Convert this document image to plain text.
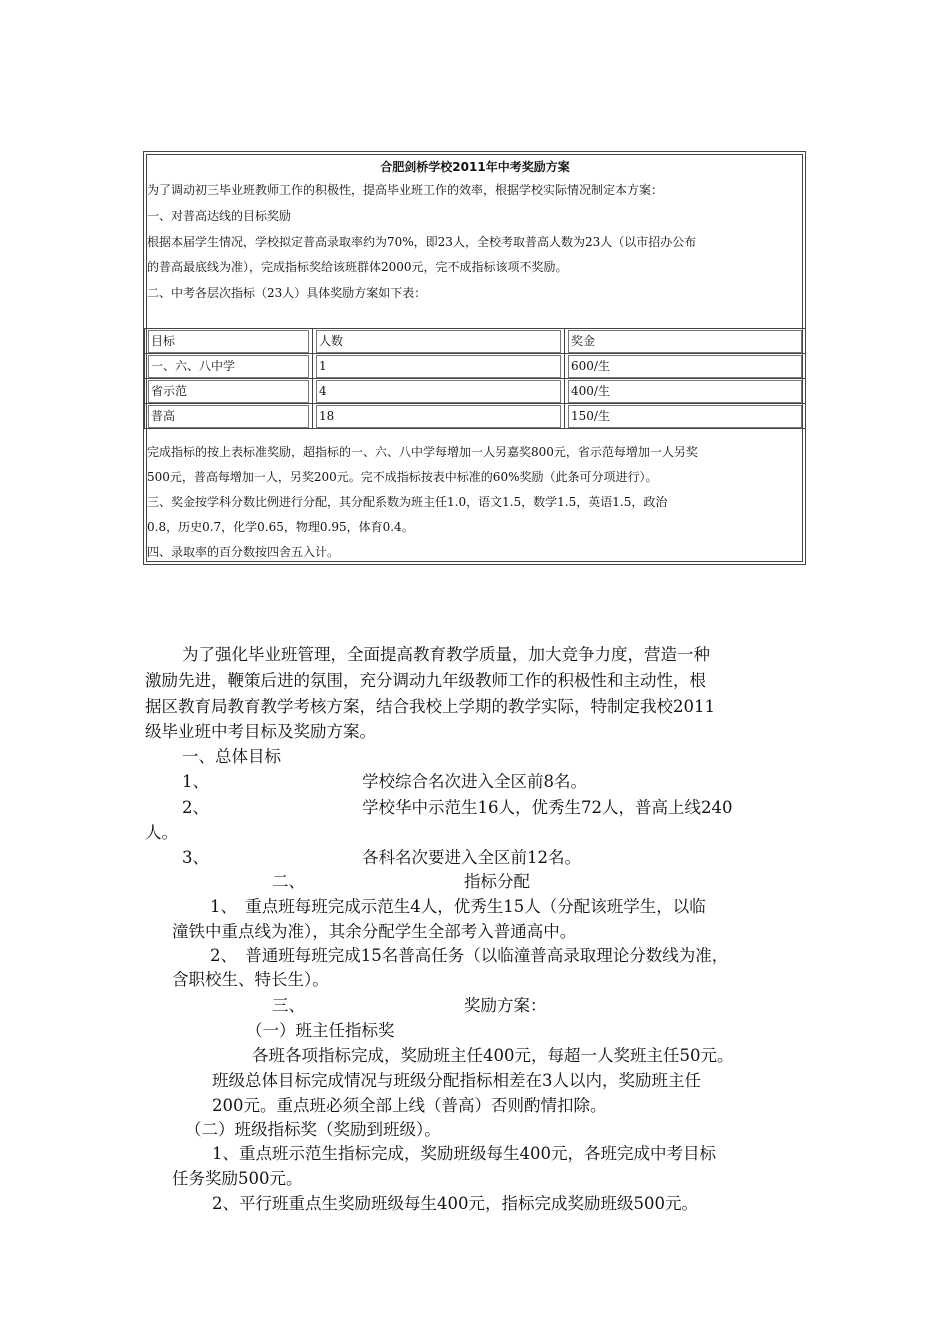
合肥剑桥学校2011年中考奖励方案
为了调动初三毕业班教师工作的积极性，提高毕业班工作的效率，根据学校实际情况制定本方案：
一、对普高达线的目标奖励
根据本届学生情况，学校拟定普高录取率约为70%，即23人，全校考取普高人数为23人（以市招办公布
的普高最底线为准），完成指标奖给该班群体2000元，完不成指标该项不奖励。
二、中考各层次指标（23人）具体奖励方案如下表：
目标	人数	奖金

一、六、八中学	1	600/生

省示范	4	400/生

普高	18	150/生
完成指标的按上表标准奖励，超指标的一、六、八中学每增加一人另嘉奖800元，省示范每增加一人另奖
500元，普高每增加一人，另奖200元。完不成指标按表中标准的60%奖励（此条可分项进行）。
三、奖金按学科分数比例进行分配，其分配系数为班主任1.0，语文1.5，数学1.5，英语1.5，政治
0.8，历史0.7，化学0.65，物理0.95，体育0.4。
四、录取率的百分数按四舍五入计。
为了强化毕业班管理，全面提高教育教学质量，加大竞争力度，营造一种
激励先进，鞭策后进的氛围，充分调动九年级教师工作的积极性和主动性，根
据区教育局教育教学考核方案，结合我校上学期的教学实际，特制定我校2011
级毕业班中考目标及奖励方案。
一、总体目标
1、	学校综合名次进入全区前8名。
2、	学校华中示范生16人，优秀生72人，普高上线240
人。
3、	各科名次要进入全区前12名。
二、	指标分配
1、　重点班每班完成示范生4人，优秀生15人（分配该班学生，以临
潼铁中重点线为准），其余分配学生全部考入普通高中。
2、　普通班每班完成15名普高任务（以临潼普高录取理论分数线为准，
含职校生、特长生）。
三、	奖励方案：
（一）班主任指标奖
各班各项指标完成，奖励班主任400元，每超一人奖班主任50元。
班级总体目标完成情况与班级分配指标相差在3人以内，奖励班主任
200元。重点班必须全部上线（普高）否则酌情扣除。
（二）班级指标奖（奖励到班级）。
1、重点班示范生指标完成，奖励班级每生400元，各班完成中考目标
任务奖励500元。
2、平行班重点生奖励班级每生400元，指标完成奖励班级500元。
